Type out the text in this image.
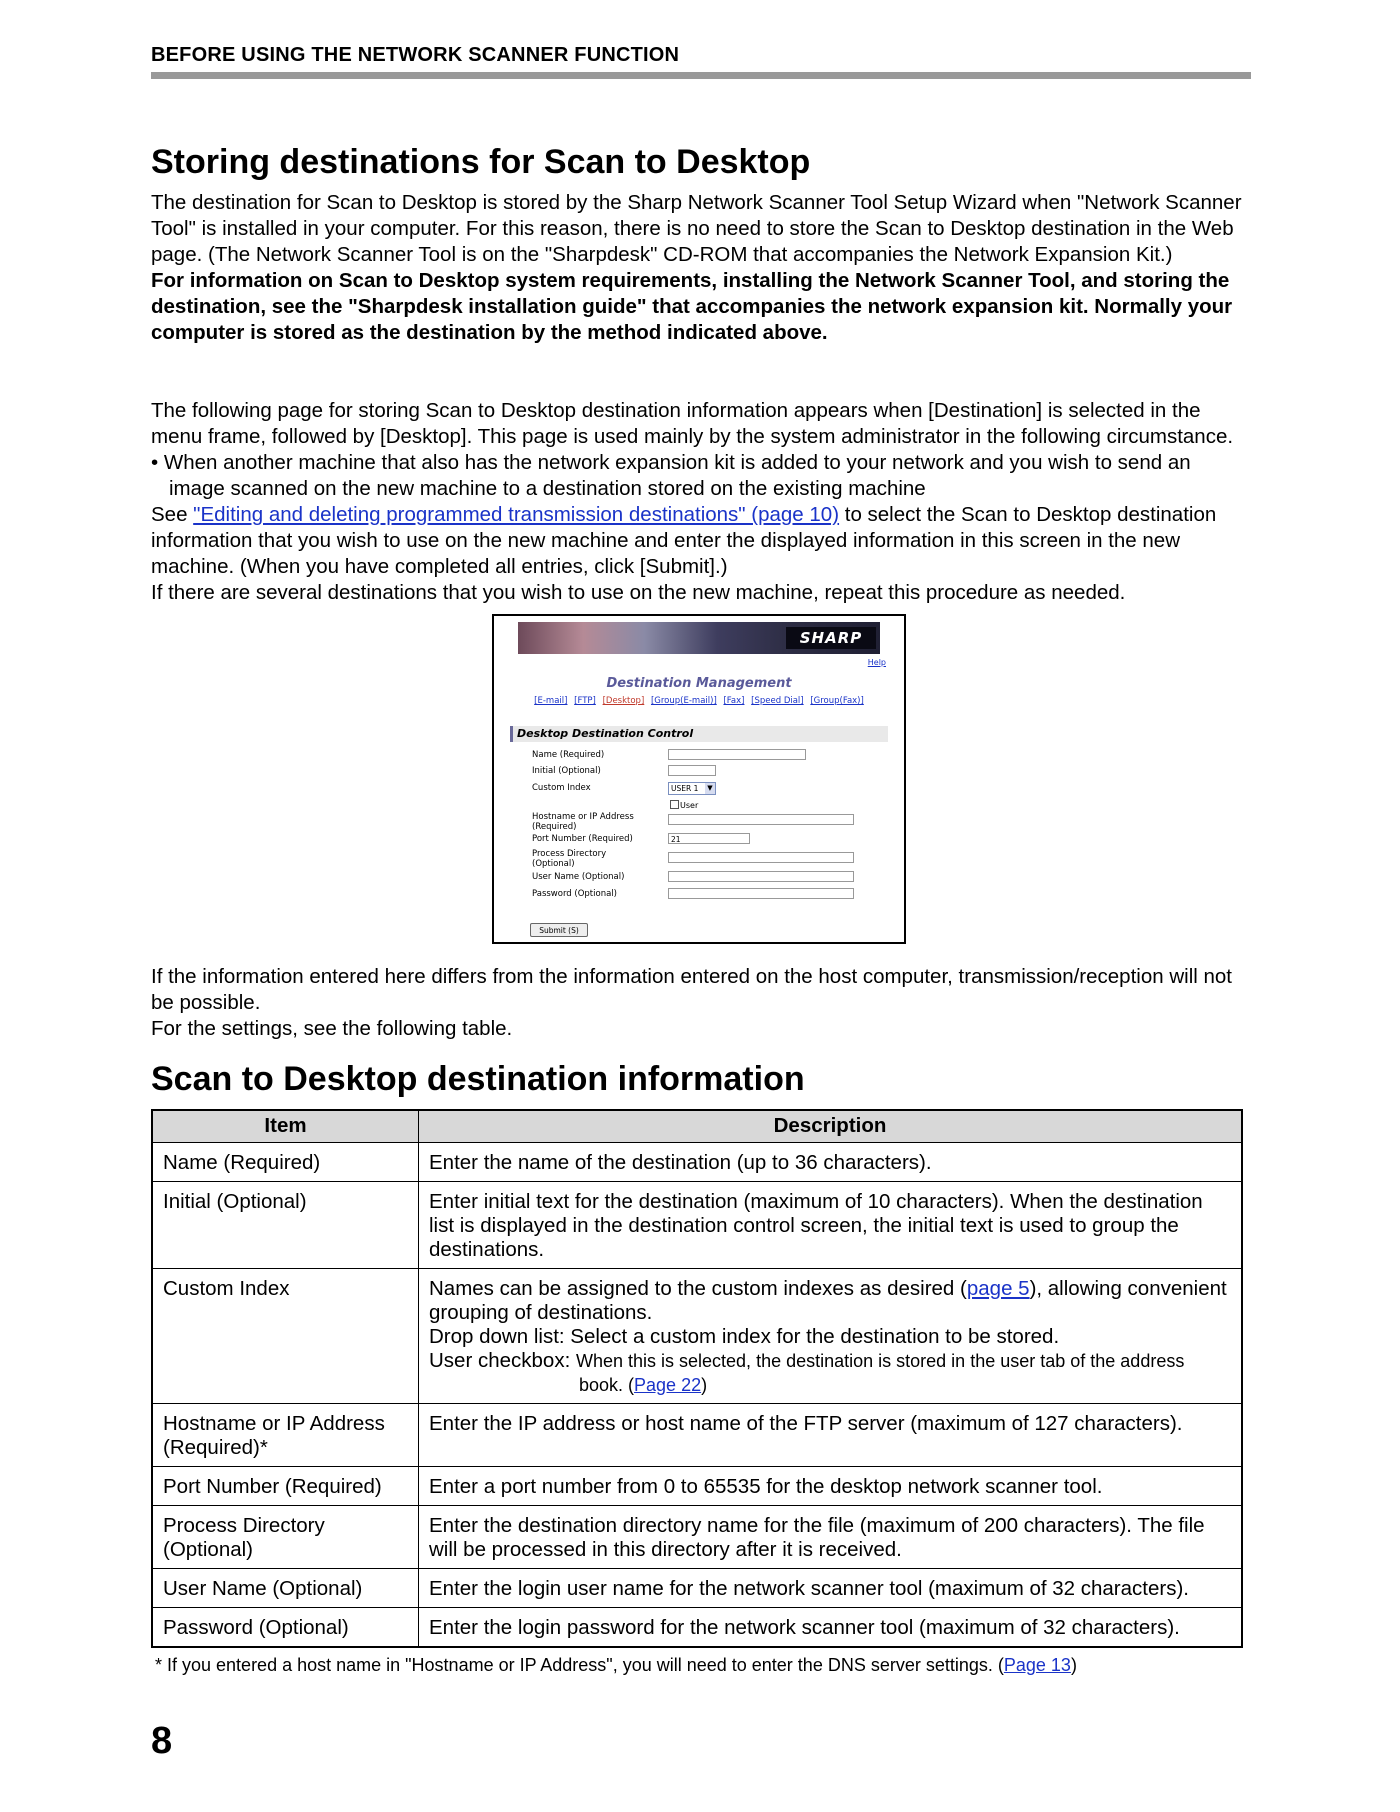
BEFORE USING THE NETWORK SCANNER FUNCTION
Storing destinations for Scan to Desktop

The destination for Scan to Desktop is stored by the Sharp Network Scanner Tool Setup Wizard when "Network Scanner Tool" is installed in your computer. For this reason, there is no need to store the Scan to Desktop destination in the Web page. (The Network Scanner Tool is on the "Sharpdesk" CD-ROM that accompanies the Network Expansion Kit.)

For information on Scan to Desktop system requirements, installing the Network Scanner Tool, and storing the destination, see the "Sharpdesk installation guide" that accompanies the network expansion kit. Normally your computer is stored as the destination by the method indicated above.

The following page for storing Scan to Desktop destination information appears when [Destination] is selected in the menu frame, followed by [Desktop]. This page is used mainly by the system administrator in the following circumstance.

• When another machine that also has the network expansion kit is added to your network and you wish to send an image scanned on the new machine to a destination stored on the existing machine

See "Editing and deleting programmed transmission destinations" (page 10) to select the Scan to Desktop destination information that you wish to use on the new machine and enter the displayed information in this screen in the new machine. (When you have completed all entries, click [Submit].)

If there are several destinations that you wish to use on the new machine, repeat this procedure as needed.

SHARP
Help
Destination Management
[E-mail] [FTP] [Desktop] [Group(E-mail)] [Fax] [Speed Dial] [Group(Fax)]
Desktop Destination Control
Name (Required)
Initial (Optional)
Custom Index	USER 1	▼
User
Hostname or IP Address
(Required)
Port Number (Required)	21
Process Directory
(Optional)
User Name (Optional)
Password (Optional)
Submit (S)

If the information entered here differs from the information entered on the host computer, transmission/reception will not be possible.

For the settings, see the following table.

Scan to Desktop destination information
Item	Description
Name (Required)	Enter the name of the destination (up to 36 characters).
Initial (Optional)	Enter initial text for the destination (maximum of 10 characters). When the destination list is displayed in the destination control screen, the initial text is used to group the destinations.
Custom Index	Names can be assigned to the custom indexes as desired (page 5), allowing convenient grouping of destinations.
Drop down list: Select a custom index for the destination to be stored.
User checkbox: When this is selected, the destination is stored in the user tab of the address
book. (Page 22)

Hostname or IP Address (Required)*	Enter the IP address or host name of the FTP server (maximum of 127 characters).
Port Number (Required)	Enter a port number from 0 to 65535 for the desktop network scanner tool.
Process Directory (Optional)	Enter the destination directory name for the file (maximum of 200 characters). The file will be processed in this directory after it is received.
User Name (Optional)	Enter the login user name for the network scanner tool (maximum of 32 characters).
Password (Optional)	Enter the login password for the network scanner tool (maximum of 32 characters).
* If you entered a host name in "Hostname or IP Address", you will need to enter the DNS server settings. (Page 13)
8
